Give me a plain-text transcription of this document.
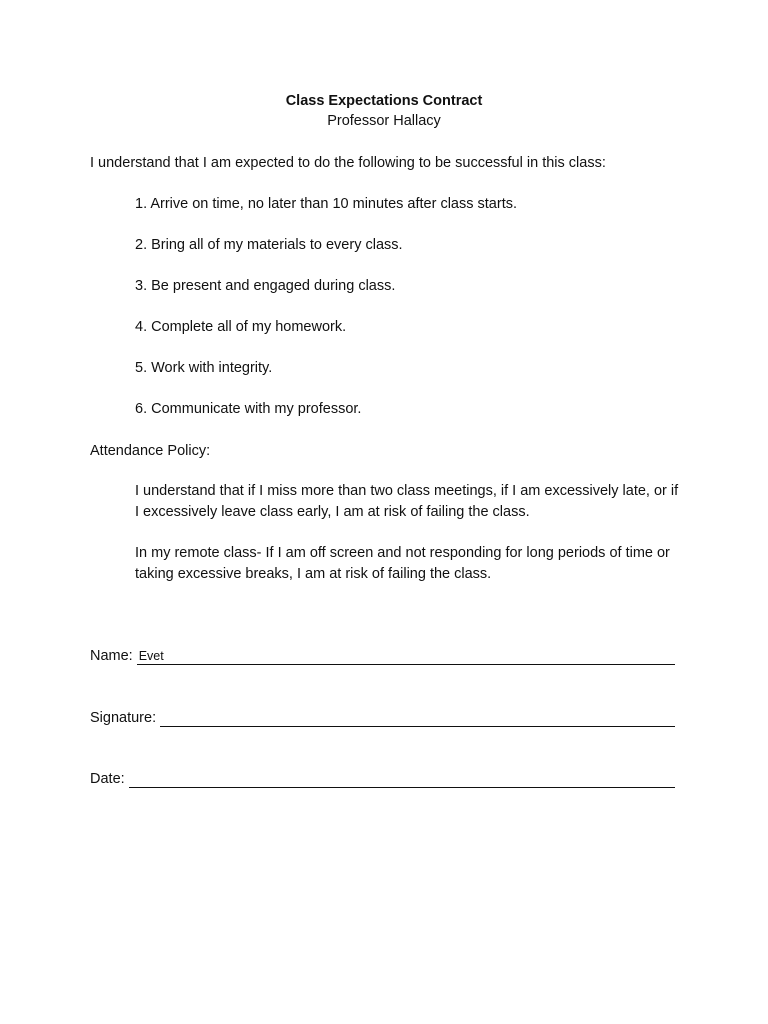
Class Expectations Contract
Professor Hallacy
I understand that I am expected to do the following to be successful in this class:
1. Arrive on time, no later than 10 minutes after class starts.
2. Bring all of my materials to every class.
3. Be present and engaged during class.
4. Complete all of my homework.
5. Work with integrity.
6. Communicate with my professor.
Attendance Policy:
I understand that if I miss more than two class meetings, if I am excessively late, or if I excessively leave class early, I am at risk of failing the class.
In my remote class- If I am off screen and not responding for long periods of time or taking excessive breaks, I am at risk of failing the class.
Name: Evet
Signature:
Date:
